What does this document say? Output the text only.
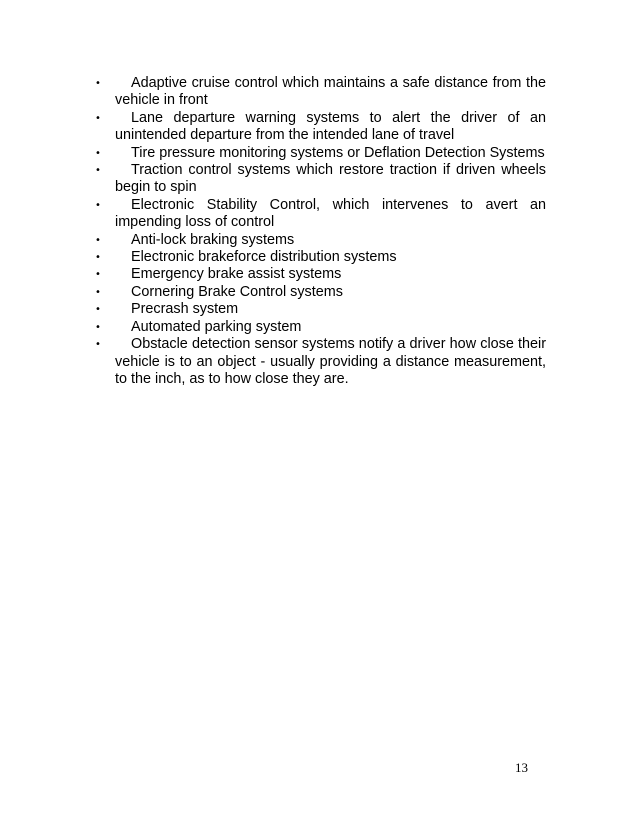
•	Adaptive cruise control which maintains a safe distance from the vehicle in front
•	Lane departure warning systems to alert the driver of an unintended departure from the intended lane of travel
•	Tire pressure monitoring systems or Deflation Detection Systems
•	Traction control systems which restore traction if driven wheels begin to spin
•	Electronic Stability Control, which intervenes to avert an impending loss of control
•	Anti-lock braking systems
•	Electronic brakeforce distribution systems
•	Emergency brake assist systems
•	Cornering Brake Control systems
•	Precrash system
•	Automated parking system
•	Obstacle detection sensor systems notify a driver how close their vehicle is to an object - usually providing a distance measurement, to the inch, as to how close they are.
13
